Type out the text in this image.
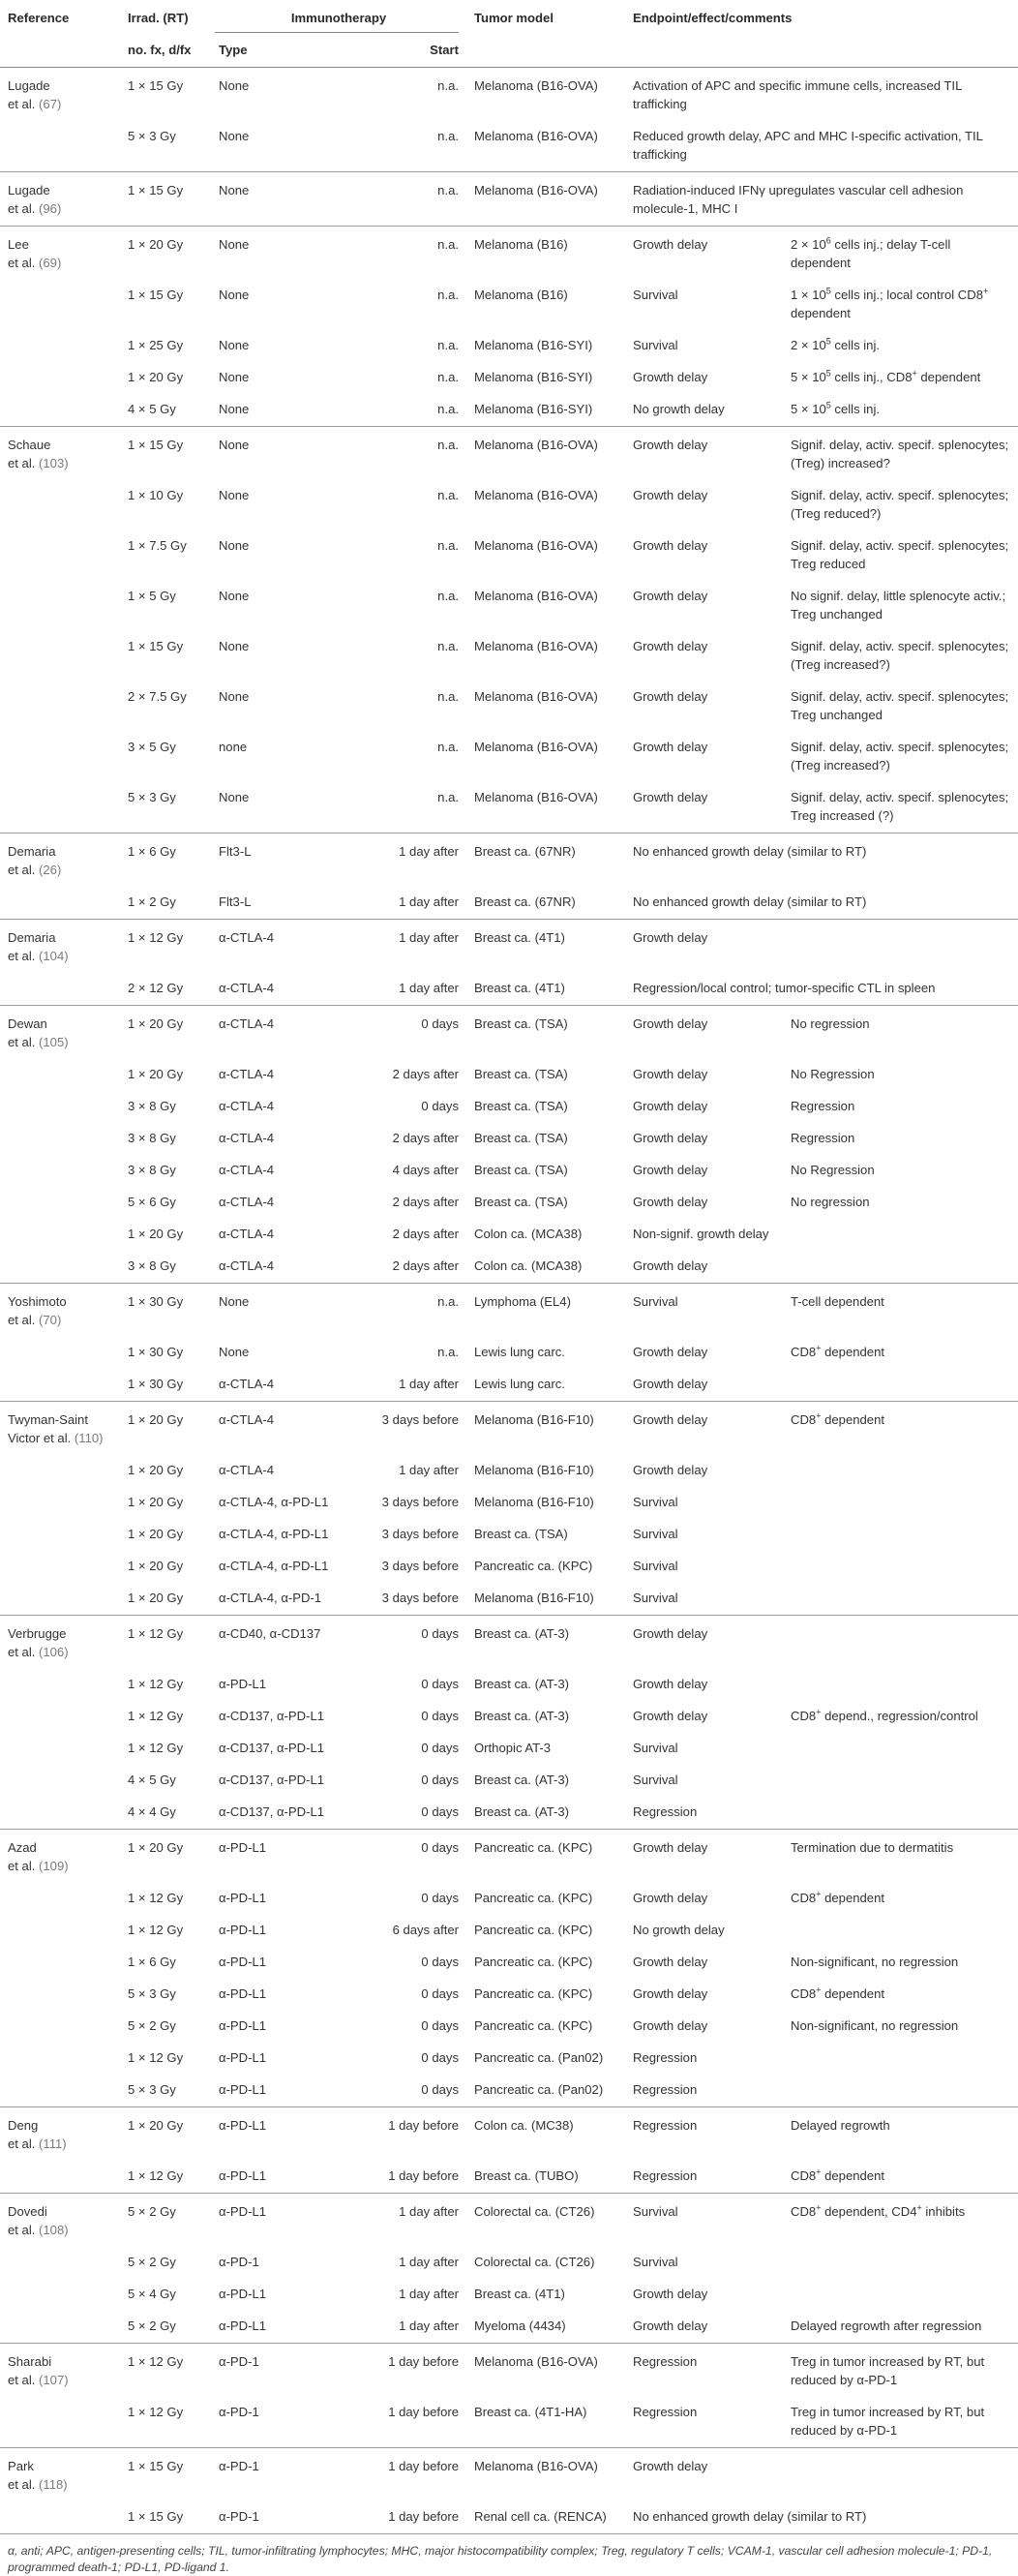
Reference	Irrad. (RT)	Immunotherapy		Tumor model	Endpoint/effect/comments	
	no. fx, d/fx	Type	Start			
Lugade
et al. (67)	1 × 15 Gy	None	n.a.	Melanoma (B16-OVA)	Activation of APC and specific immune cells, increased TIL trafficking	
	5 × 3 Gy	None	n.a.	Melanoma (B16-OVA)	Reduced growth delay, APC and MHC I-specific activation, TIL trafficking	
Lugade
et al. (96)	1 × 15 Gy	None	n.a.	Melanoma (B16-OVA)	Radiation-induced IFNγ upregulates vascular cell adhesion molecule-1, MHC I	
Lee
et al. (69)	1 × 20 Gy	None	n.a.	Melanoma (B16)	Growth delay	$2 \times 10^6$ cells inj.; delay T-cell dependent
	1 × 15 Gy	None	n.a.	Melanoma (B16)	Survival	$1 \times 10^5$ cells inj.; local control CD8+ dependent
	1 × 25 Gy	None	n.a.	Melanoma (B16-SYI)	Survival	$2 \times 10^5$ cells inj.
	1 × 20 Gy	None	n.a.	Melanoma (B16-SYI)	Growth delay	$5 \times 10^5$ cells inj., CD8+ dependent
	4 × 5 Gy	None	n.a.	Melanoma (B16-SYI)	No growth delay	$5 \times 10^5$ cells inj.
Schaue
et al. (103)	1 × 15 Gy	None	n.a.	Melanoma (B16-OVA)	Growth delay	Signif. delay, activ. specif. splenocytes; (Treg) increased?
	1 × 10 Gy	None	n.a.	Melanoma (B16-OVA)	Growth delay	Signif. delay, activ. specif. splenocytes; (Treg reduced?)
	1 × 7.5 Gy	None	n.a.	Melanoma (B16-OVA)	Growth delay	Signif. delay, activ. specif. splenocytes; Treg reduced
	1 × 5 Gy	None	n.a.	Melanoma (B16-OVA)	Growth delay	No signif. delay, little splenocyte activ.; Treg unchanged
	1 × 15 Gy	None	n.a.	Melanoma (B16-OVA)	Growth delay	Signif. delay, activ. specif. splenocytes; (Treg increased?)
	2 × 7.5 Gy	None	n.a.	Melanoma (B16-OVA)	Growth delay	Signif. delay, activ. specif. splenocytes; Treg unchanged
	3 × 5 Gy	none	n.a.	Melanoma (B16-OVA)	Growth delay	Signif. delay, activ. specif. splenocytes; (Treg increased?)
	5 × 3 Gy	None	n.a.	Melanoma (B16-OVA)	Growth delay	Signif. delay, activ. specif. splenocytes; Treg increased (?)
Demaria
et al. (26)	1 × 6 Gy	Flt3-L	1 day after	Breast ca. (67NR)	No enhanced growth delay (similar to RT)	
	1 × 2 Gy	Flt3-L	1 day after	Breast ca. (67NR)	No enhanced growth delay (similar to RT)	
Demaria
et al. (104)	1 × 12 Gy	α-CTLA-4	1 day after	Breast ca. (4T1)	Growth delay	
	2 × 12 Gy	α-CTLA-4	1 day after	Breast ca. (4T1)	Regression/local control; tumor-specific CTL in spleen	
Dewan
et al. (105)	1 × 20 Gy	α-CTLA-4	0 days	Breast ca. (TSA)	Growth delay	No regression
	1 × 20 Gy	α-CTLA-4	2 days after	Breast ca. (TSA)	Growth delay	No Regression
	3 × 8 Gy	α-CTLA-4	0 days	Breast ca. (TSA)	Growth delay	Regression
	3 × 8 Gy	α-CTLA-4	2 days after	Breast ca. (TSA)	Growth delay	Regression
	3 × 8 Gy	α-CTLA-4	4 days after	Breast ca. (TSA)	Growth delay	No Regression
	5 × 6 Gy	α-CTLA-4	2 days after	Breast ca. (TSA)	Growth delay	No regression
	1 × 20 Gy	α-CTLA-4	2 days after	Colon ca. (MCA38)	Non-signif. growth delay	
	3 × 8 Gy	α-CTLA-4	2 days after	Colon ca. (MCA38)	Growth delay	
Yoshimoto
et al. (70)	1 × 30 Gy	None	n.a.	Lymphoma (EL4)	Survival	T-cell dependent
	1 × 30 Gy	None	n.a.	Lewis lung carc.	Growth delay	CD8+ dependent
	1 × 30 Gy	α-CTLA-4	1 day after	Lewis lung carc.	Growth delay	
Twyman-Saint
Victor et al. (110)	1 × 20 Gy	α-CTLA-4	3 days before	Melanoma (B16-F10)	Growth delay	CD8+ dependent
	1 × 20 Gy	α-CTLA-4	1 day after	Melanoma (B16-F10)	Growth delay	
	1 × 20 Gy	α-CTLA-4, α-PD-L1	3 days before	Melanoma (B16-F10)	Survival	
	1 × 20 Gy	α-CTLA-4, α-PD-L1	3 days before	Breast ca. (TSA)	Survival	
	1 × 20 Gy	α-CTLA-4, α-PD-L1	3 days before	Pancreatic ca. (KPC)	Survival	
	1 × 20 Gy	α-CTLA-4, α-PD-1	3 days before	Melanoma (B16-F10)	Survival	
Verbrugge
et al. (106)	1 × 12 Gy	α-CD40, α-CD137	0 days	Breast ca. (AT-3)	Growth delay	
	1 × 12 Gy	α-PD-L1	0 days	Breast ca. (AT-3)	Growth delay	
	1 × 12 Gy	α-CD137, α-PD-L1	0 days	Breast ca. (AT-3)	Growth delay	CD8+ depend., regression/control
	1 × 12 Gy	α-CD137, α-PD-L1	0 days	Orthopic AT-3	Survival	
	4 × 5 Gy	α-CD137, α-PD-L1	0 days	Breast ca. (AT-3)	Survival	
	4 × 4 Gy	α-CD137, α-PD-L1	0 days	Breast ca. (AT-3)	Regression	
Azad
et al. (109)	1 × 20 Gy	α-PD-L1	0 days	Pancreatic ca. (KPC)	Growth delay	Termination due to dermatitis
	1 × 12 Gy	α-PD-L1	0 days	Pancreatic ca. (KPC)	Growth delay	CD8+ dependent
	1 × 12 Gy	α-PD-L1	6 days after	Pancreatic ca. (KPC)	No growth delay	
	1 × 6 Gy	α-PD-L1	0 days	Pancreatic ca. (KPC)	Growth delay	Non-significant, no regression
	5 × 3 Gy	α-PD-L1	0 days	Pancreatic ca. (KPC)	Growth delay	CD8+ dependent
	5 × 2 Gy	α-PD-L1	0 days	Pancreatic ca. (KPC)	Growth delay	Non-significant, no regression
	1 × 12 Gy	α-PD-L1	0 days	Pancreatic ca. (Pan02)	Regression	
	5 × 3 Gy	α-PD-L1	0 days	Pancreatic ca. (Pan02)	Regression	
Deng
et al. (111)	1 × 20 Gy	α-PD-L1	1 day before	Colon ca. (MC38)	Regression	Delayed regrowth
	1 × 12 Gy	α-PD-L1	1 day before	Breast ca. (TUBO)	Regression	CD8+ dependent
Dovedi
et al. (108)	5 × 2 Gy	α-PD-L1	1 day after	Colorectal ca. (CT26)	Survival	CD8+ dependent, CD4+ inhibits
	5 × 2 Gy	α-PD-1	1 day after	Colorectal ca. (CT26)	Survival	
	5 × 4 Gy	α-PD-L1	1 day after	Breast ca. (4T1)	Growth delay	
	5 × 2 Gy	α-PD-L1	1 day after	Myeloma (4434)	Growth delay	Delayed regrowth after regression
Sharabi
et al. (107)	1 × 12 Gy	α-PD-1	1 day before	Melanoma (B16-OVA)	Regression	Treg in tumor increased by RT, but reduced by α-PD-1
	1 × 12 Gy	α-PD-1	1 day before	Breast ca. (4T1-HA)	Regression	Treg in tumor increased by RT, but reduced by α-PD-1
Park
et al. (118)	1 × 15 Gy	α-PD-1	1 day before	Melanoma (B16-OVA)	Growth delay	
	1 × 15 Gy	α-PD-1	1 day before	Renal cell ca. (RENCA)	No enhanced growth delay (similar to RT)	
α, anti; APC, antigen-presenting cells; TIL, tumor-infiltrating lymphocytes; MHC, major histocompatibility complex; Treg, regulatory T cells; VCAM-1, vascular cell adhesion molecule-1; PD-1, programmed death-1; PD-L1, PD-ligand 1.
